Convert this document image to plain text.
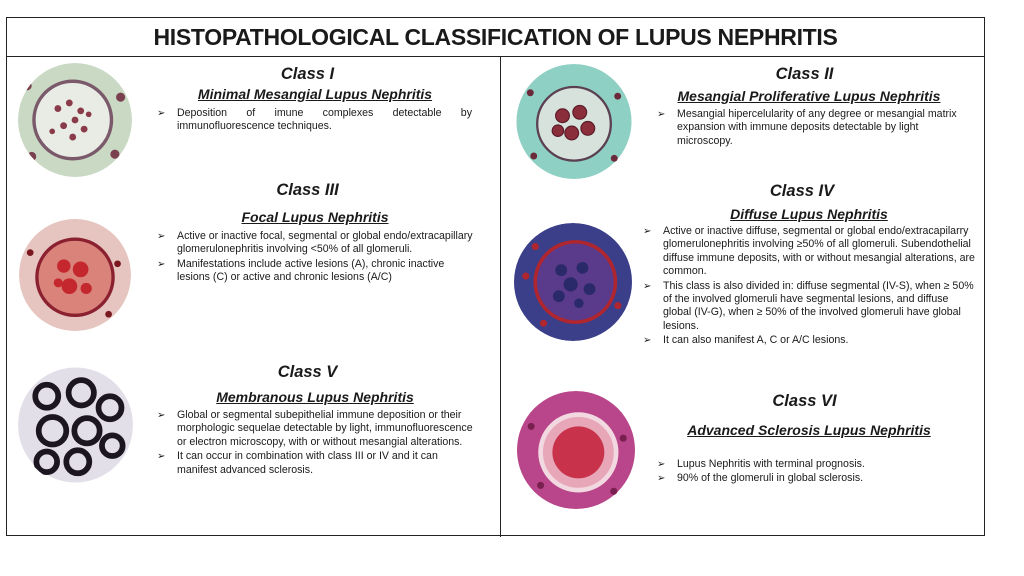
HISTOPATHOLOGICAL CLASSIFICATION OF LUPUS NEPHRITIS
Class I
Minimal Mesangial Lupus Nephritis
➢ Deposition of imune complexes detectable by immunofluorescence techniques.
Class III
Focal Lupus Nephritis
➢ Active or inactive focal, segmental or global endo/extracapillary glomerulonephritis involving <50% of all glomeruli.
➢ Manifestations include active lesions (A), chronic inactive lesions (C) or active and chronic lesions (A/C)
Class V
Membranous Lupus Nephritis
➢ Global or segmental subepithelial immune deposition or their morphologic sequelae detectable by light, immunofluorescence or electron microscopy, with or without mesangial alterations.
➢ It can occur in combination with class III or IV and it can manifest advanced sclerosis.
Class II
Mesangial Proliferative Lupus Nephritis
➢ Mesangial hipercelularity of any degree or mesangial matrix expansion with immune deposits detectable by light microscopy.
Class IV
Diffuse Lupus Nephritis
➢ Active or inactive diffuse, segmental or global endo/extracapilarry glomerulonephritis involving ≥50% of all glomeruli. Subendothelial diffuse immune deposits, with or without mesangial alterations, are common.
➢ This class is also divided in: diffuse segmental (IV-S), when ≥ 50% of the involved glomeruli have segmental lesions, and diffuse global (IV-G), when ≥ 50% of the involved glomeruli have global lesions.
➢ It can also manifest A, C or A/C lesions.
Class VI
Advanced Sclerosis Lupus Nephritis
➢ Lupus Nephritis with terminal prognosis.
➢ 90% of the glomeruli in global sclerosis.
